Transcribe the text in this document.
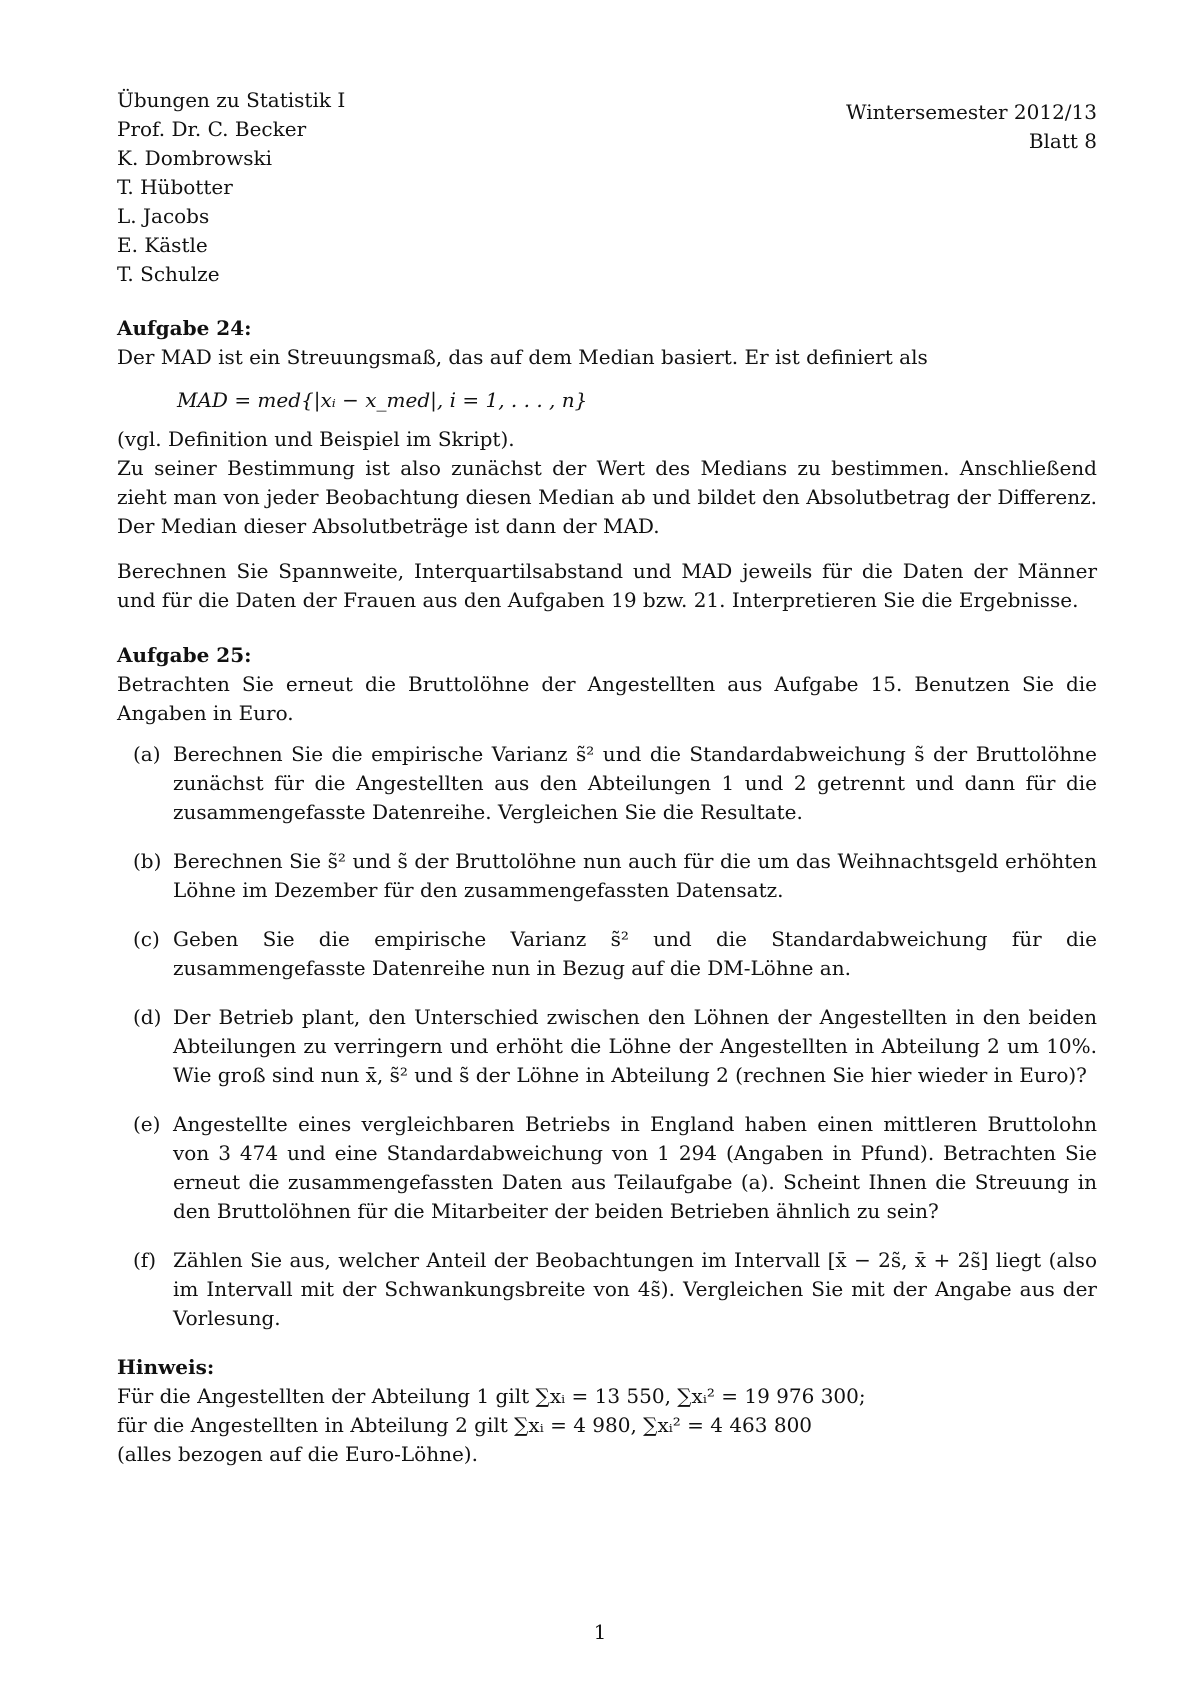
Übungen zu Statistik I
Prof. Dr. C. Becker
K. Dombrowski
T. Hübotter
L. Jacobs
E. Kästle
T. Schulze
Wintersemester 2012/13
Blatt 8
Aufgabe 24:

Der MAD ist ein Streuungsmaß, das auf dem Median basiert. Er ist definiert als

MAD = med{|xᵢ − x_med|, i = 1, . . . , n}

(vgl. Definition und Beispiel im Skript).

Zu seiner Bestimmung ist also zunächst der Wert des Medians zu bestimmen. Anschließend zieht man von jeder Beobachtung diesen Median ab und bildet den Absolutbetrag der Differenz. Der Median dieser Absolutbeträge ist dann der MAD.

Berechnen Sie Spannweite, Interquartilsabstand und MAD jeweils für die Daten der Männer und für die Daten der Frauen aus den Aufgaben 19 bzw. 21. Interpretieren Sie die Ergebnisse.

Aufgabe 25:

Betrachten Sie erneut die Bruttolöhne der Angestellten aus Aufgabe 15. Benutzen Sie die Angaben in Euro.

(a) Berechnen Sie die empirische Varianz s̃² und die Standardabweichung s̃ der Bruttolöhne zunächst für die Angestellten aus den Abteilungen 1 und 2 getrennt und dann für die zusammengefasste Datenreihe. Vergleichen Sie die Resultate.
(b) Berechnen Sie s̃² und s̃ der Bruttolöhne nun auch für die um das Weihnachtsgeld erhöhten Löhne im Dezember für den zusammengefassten Datensatz.
(c) Geben Sie die empirische Varianz s̃² und die Standardabweichung für die zusammengefasste Datenreihe nun in Bezug auf die DM-Löhne an.
(d) Der Betrieb plant, den Unterschied zwischen den Löhnen der Angestellten in den beiden Abteilungen zu verringern und erhöht die Löhne der Angestellten in Abteilung 2 um 10%. Wie groß sind nun x̄, s̃² und s̃ der Löhne in Abteilung 2 (rechnen Sie hier wieder in Euro)?
(e) Angestellte eines vergleichbaren Betriebs in England haben einen mittleren Bruttolohn von 3 474 und eine Standardabweichung von 1 294 (Angaben in Pfund). Betrachten Sie erneut die zusammengefassten Daten aus Teilaufgabe (a). Scheint Ihnen die Streuung in den Bruttolöhnen für die Mitarbeiter der beiden Betrieben ähnlich zu sein?
(f) Zählen Sie aus, welcher Anteil der Beobachtungen im Intervall [x̄ − 2s̃, x̄ + 2s̃] liegt (also im Intervall mit der Schwankungsbreite von 4s̃). Vergleichen Sie mit der Angabe aus der Vorlesung.
Hinweis:

Für die Angestellten der Abteilung 1 gilt ∑xᵢ = 13 550, ∑xᵢ² = 19 976 300;

für die Angestellten in Abteilung 2 gilt ∑xᵢ = 4 980, ∑xᵢ² = 4 463 800

(alles bezogen auf die Euro-Löhne).

1
